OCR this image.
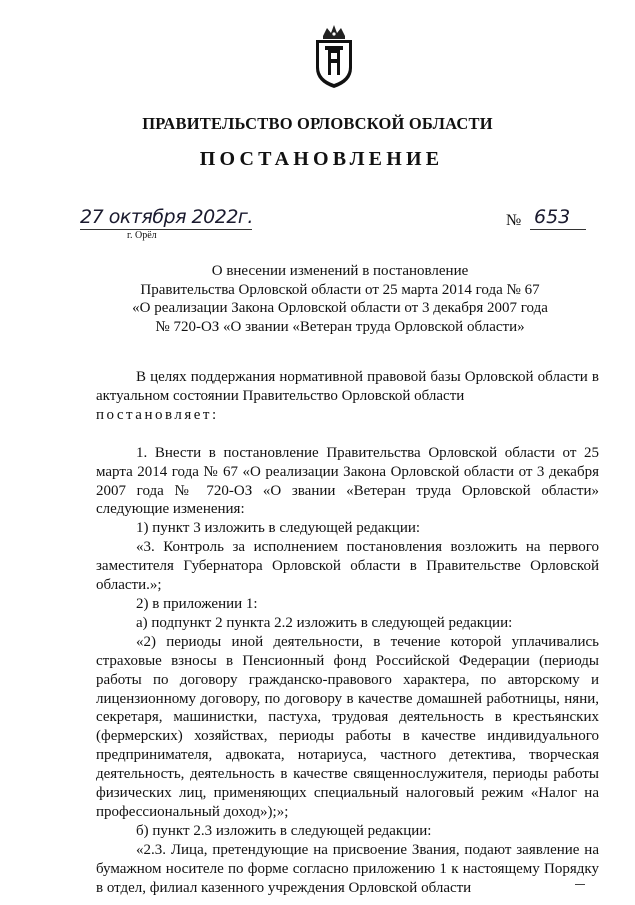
ПРАВИТЕЛЬСТВО ОРЛОВСКОЙ ОБЛАСТИ
ПОСТАНОВЛЕНИЕ
27 октября 2022г.
г. Орёл
№ 653
О внесении изменений в постановление
Правительства Орловской области от 25 марта 2014 года № 67
«О реализации Закона Орловской области от 3 декабря 2007 года
№ 720-ОЗ «О звании «Ветеран труда Орловской области»

В целях поддержания нормативной правовой базы Орловской области в актуальном состоянии Правительство Орловской области

постановляет:

1. Внести в постановление Правительства Орловской области от 25 марта 2014 года № 67 «О реализации Закона Орловской области от 3 декабря 2007 года № 720-ОЗ «О звании «Ветеран труда Орловской области» следующие изменения:

1) пункт 3 изложить в следующей редакции:

«3. Контроль за исполнением постановления возложить на первого заместителя Губернатора Орловской области в Правительстве Орловской области.»;

2) в приложении 1:

а) подпункт 2 пункта 2.2 изложить в следующей редакции:

«2) периоды иной деятельности, в течение которой уплачивались страховые взносы в Пенсионный фонд Российской Федерации (периоды работы по договору гражданско-правового характера, по авторскому и лицензионному договору, по договору в качестве домашней работницы, няни, секретаря, машинистки, пастуха, трудовая деятельность в крестьянских (фермерских) хозяйствах, периоды работы в качестве индивидуального предпринимателя, адвоката, нотариуса, частного детектива, творческая деятельность, деятельность в качестве священнослужителя, периоды работы физических лиц, применяющих специальный налоговый режим «Налог на профессиональный доход»);»;

б) пункт 2.3 изложить в следующей редакции:

«2.3. Лица, претендующие на присвоение Звания, подают заявление на бумажном носителе по форме согласно приложению 1 к настоящему Порядку в отдел, филиал казенного учреждения Орловской области
